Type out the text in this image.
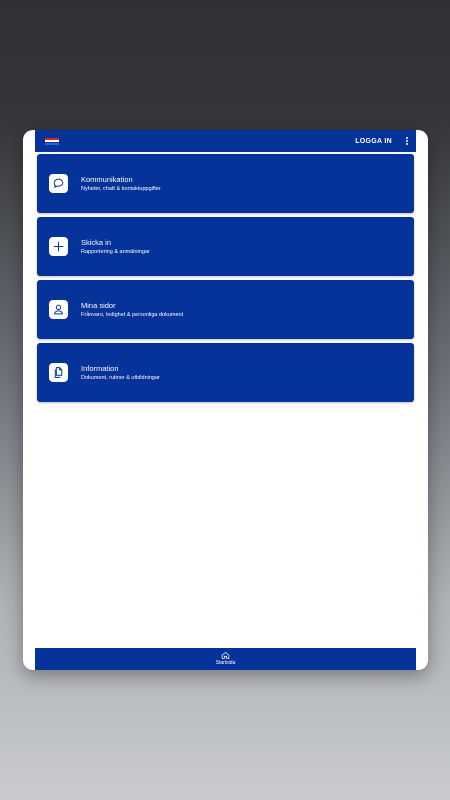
LOGGA IN
Kommunikation
Nyheter, chatt & kontaktuppgifter
Skicka in
Rapportering & anmälningar
Mina sidor
Frånvaro, ledighet & personliga dokument
Information
Dokument, rutiner & utbildningar
Startsida
